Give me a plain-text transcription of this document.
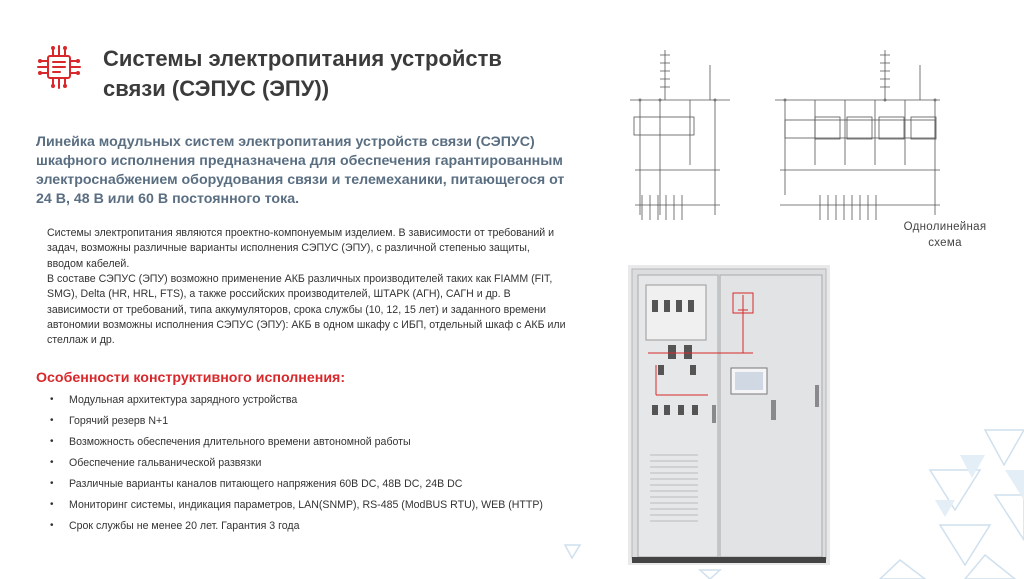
Системы электропитания устройств
связи (СЭПУС (ЭПУ))
Линейка модульных систем электропитания устройств связи (СЭПУС) шкафного исполнения предназначена для обеспечения гарантированным электроснабжением оборудования связи и телемеханики, питающегося от 24 В, 48 В или 60 В постоянного тока.
Системы электропитания являются проектно-компонуемым изделием. В зависимости от требований и задач, возможны различные варианты исполнения СЭПУС (ЭПУ), с различной степенью защиты, вводом кабелей.
В составе СЭПУС (ЭПУ) возможно применение АКБ различных производителей таких как FIAMM (FIT, SMG), Delta (HR, HRL, FTS), а также российских производителей, ШТАРК (АГН), САГН и др. В зависимости от требований, типа аккумуляторов, срока службы (10, 12, 15 лет) и заданного времени автономии возможны исполнения СЭПУС (ЭПУ): АКБ в одном шкафу с ИБП, отдельный шкаф с АКБ или стеллаж и др.
Особенности конструктивного исполнения:
• Модульная архитектура зарядного устройства
• Горячий резерв N+1
• Возможность обеспечения длительного времени автономной работы
• Обеспечение гальванической развязки
• Различные варианты каналов питающего напряжения 60В DC, 48В DC, 24В DC
• Мониторинг системы, индикация параметров, LAN(SNMP), RS-485 (ModBUS RTU), WEB (HTTP)
• Срок службы не менее 20 лет. Гарантия 3 года
Однолинейная
схема
